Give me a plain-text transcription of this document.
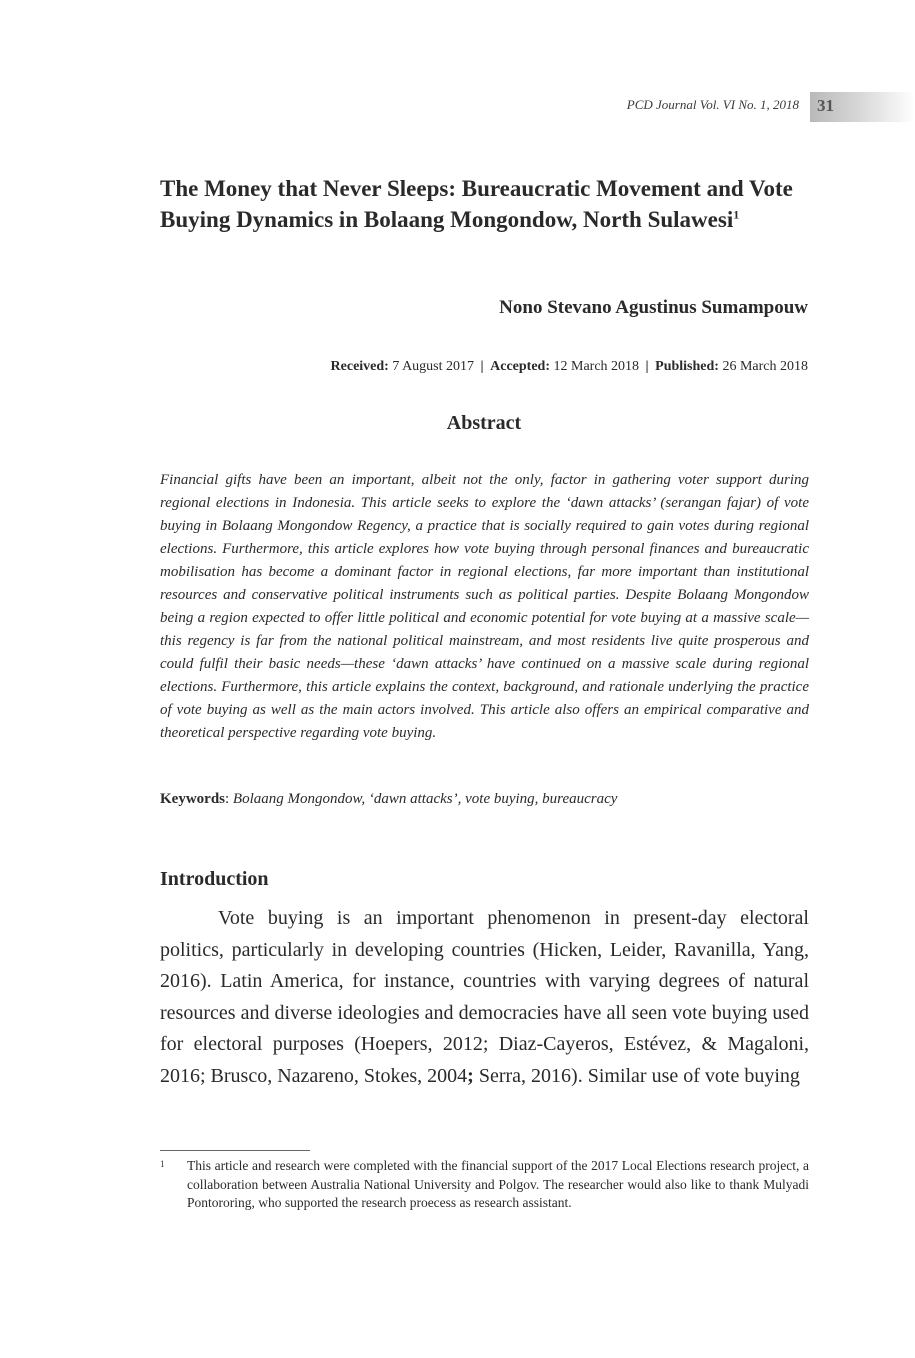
PCD Journal Vol. VI No. 1, 2018 31
The Money that Never Sleeps: Bureaucratic Movement and Vote Buying Dynamics in Bolaang Mongondow, North Sulawesi$^1$
Nono Stevano Agustinus Sumampouw
Received: 7 August 2017 | Accepted: 12 March 2018 | Published: 26 March 2018
Abstract

Financial gifts have been an important, albeit not the only, factor in gathering voter support during regional elections in Indonesia. This article seeks to explore the ‘dawn attacks’ (serangan fajar) of vote buying in Bolaang Mongondow Regency, a practice that is socially required to gain votes during regional elections. Furthermore, this article explores how vote buying through personal finances and bureaucratic mobilisation has become a dominant factor in regional elections, far more important than institutional resources and conservative political instruments such as political parties. Despite Bolaang Mongondow being a region expected to offer little political and economic potential for vote buying at a massive scale—this regency is far from the national political mainstream, and most residents live quite prosperous and could fulfil their basic needs—these ‘dawn attacks’ have continued on a massive scale during regional elections. Furthermore, this article explains the context, background, and rationale underlying the practice of vote buying as well as the main actors involved. This article also offers an empirical comparative and theoretical perspective regarding vote buying.

Keywords: Bolaang Mongondow, ‘dawn attacks’, vote buying, bureaucracy
Introduction

Vote buying is an important phenomenon in present-day electoral politics, particularly in developing countries (Hicken, Leider, Ravanilla, Yang, 2016). Latin America, for instance, countries with varying degrees of natural resources and diverse ideologies and democracies have all seen vote buying used for electoral purposes (Hoepers, 2012; Diaz-Cayeros, Estévez, & Magaloni, 2016; Brusco, Nazareno, Stokes, 2004; Serra, 2016). Similar use of vote buying

1 This article and research were completed with the financial support of the 2017 Local Elections research project, a collaboration between Australia National University and Polgov. The researcher would also like to thank Mulyadi Pontororing, who supported the research proecess as research assistant.
